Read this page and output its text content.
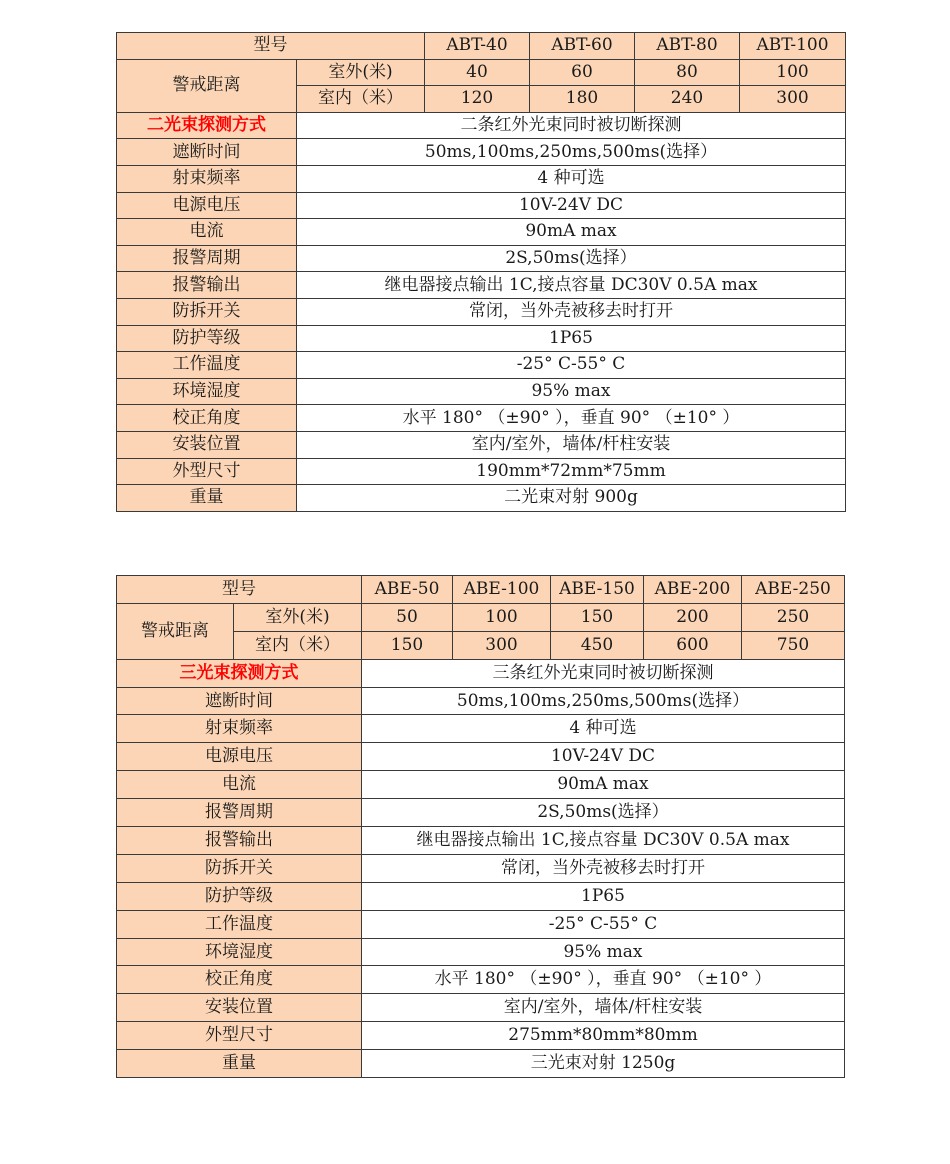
型号		ABT-40	ABT-60	ABT-80	ABT-100
警戒距离	室外(米)	40	60	80	100
	室内（米）	120	180	240	300
二光束探测方式	二条红外光束同时被切断探测				
遮断时间	50ms,100ms,250ms,500ms(选择）				
射束频率	4 种可选				
电源电压	10V-24V DC				
电流	90mA max				
报警周期	2S,50ms(选择）				
报警输出	继电器接点输出 1C,接点容量 DC30V 0.5A max				
防拆开关	常闭，当外壳被移去时打开				
防护等级	1P65				
工作温度	-25° C-55° C				
环境湿度	95% max				
校正角度	水平 180° （±90° ），垂直 90° （±10° ）				
安装位置	室内/室外，墙体/杆柱安装				
外型尺寸	190mm*72mm*75mm				
重量	二光束对射 900g				
型号		ABE-50	ABE-100	ABE-150	ABE-200	ABE-250
警戒距离	室外(米)	50	100	150	200	250
	室内（米）	150	300	450	600	750
三光束探测方式		三条红外光束同时被切断探测				
遮断时间		50ms,100ms,250ms,500ms(选择）				
射束频率		4 种可选				
电源电压		10V-24V DC				
电流		90mA max				
报警周期		2S,50ms(选择）				
报警输出		继电器接点输出 1C,接点容量 DC30V 0.5A max				
防拆开关		常闭，当外壳被移去时打开				
防护等级		1P65				
工作温度		-25° C-55° C				
环境湿度		95% max				
校正角度		水平 180° （±90° ），垂直 90° （±10° ）				
安装位置		室内/室外，墙体/杆柱安装				
外型尺寸		275mm*80mm*80mm				
重量		三光束对射 1250g				
